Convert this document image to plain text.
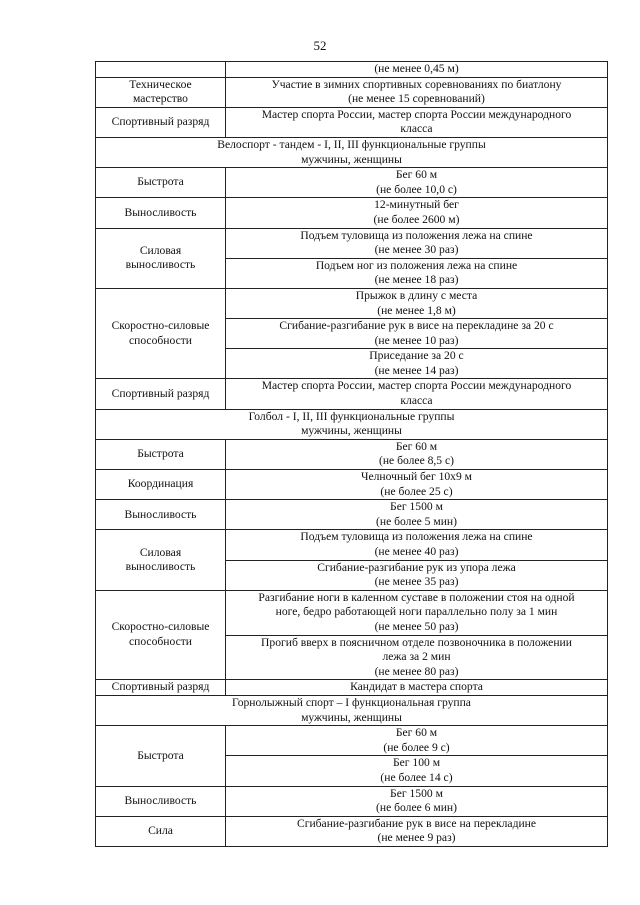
52

	(не менее 0,45 м)

Техническое
мастерство	Участие в зимних спортивных соревнованиях по биатлону
(не менее 15 соревнований)

Спортивный разряд	Мастер спорта России, мастер спорта России международного
класса

Велоспорт - тандем - I, II, III функциональные группы
мужчины, женщины	

Быстрота	Бег 60 м
(не более 10,0 с)

Выносливость	12-минутный бег
(не более 2600 м)

Силовая
выносливость	Подъем туловища из положения лежа на спине
(не менее 30 раз)

	Подъем ног из положения лежа на спине
(не менее 18 раз)

Скоростно-силовые
способности	Прыжок в длину с места
(не менее 1,8 м)

	Сгибание-разгибание рук в висе на перекладине за 20 с
(не менее 10 раз)

	Приседание за 20 с
(не менее 14 раз)

Спортивный разряд	Мастер спорта России, мастер спорта России международного
класса

Голбол - I, II, III функциональные группы
мужчины, женщины	

Быстрота	Бег 60 м
(не более 8,5 с)

Координация	Челночный бег 10х9 м
(не более 25 с)

Выносливость	Бег 1500 м
(не более 5 мин)

Силовая
выносливость	Подъем туловища из положения лежа на спине
(не менее 40 раз)

	Сгибание-разгибание рук из упора лежа
(не менее 35 раз)

Скоростно-силовые
способности	Разгибание ноги в каленном суставе в положении стоя на одной
ноге, бедро работающей ноги параллельно полу за 1 мин
(не менее 50 раз)

	Прогиб вверх в поясничном отделе позвоночника в положении
лежа за 2 мин
(не менее 80 раз)

Спортивный разряд	Кандидат в мастера спорта

Горнолыжный спорт – I функциональная группа
мужчины, женщины	

Быстрота	Бег 60 м
(не более 9 с)

	Бег 100 м
(не более 14 с)

Выносливость	Бег 1500 м
(не более 6 мин)

Сила	Сгибание-разгибание рук в висе на перекладине
(не менее 9 раз)
